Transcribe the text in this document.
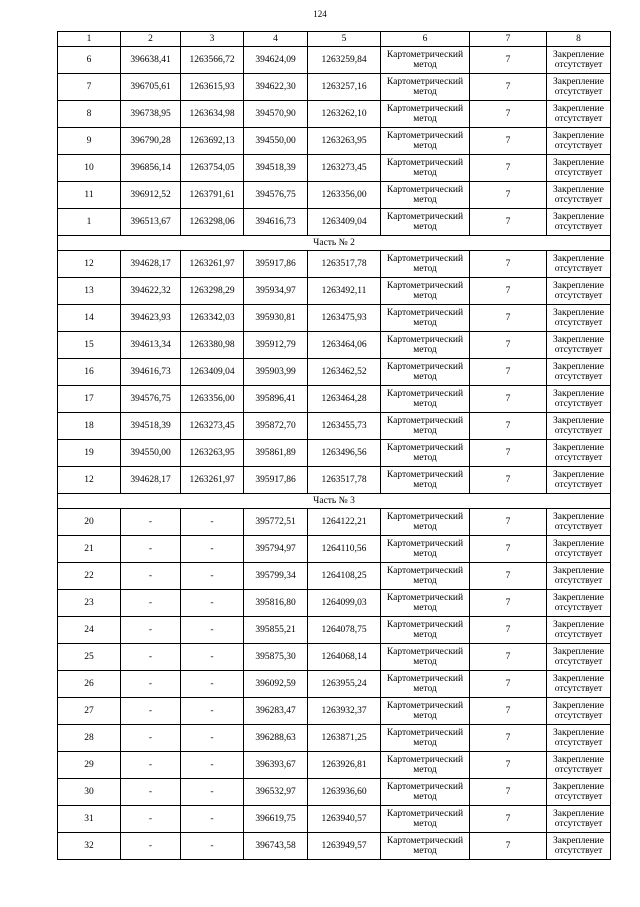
124
1	2	3	4	5	6	7	8
6	396638,41	1263566,72	394624,09	1263259,84	Картометрический метод	7	Закрепление отсутствует
7	396705,61	1263615,93	394622,30	1263257,16	Картометрический метод	7	Закрепление отсутствует
8	396738,95	1263634,98	394570,90	1263262,10	Картометрический метод	7	Закрепление отсутствует
9	396790,28	1263692,13	394550,00	1263263,95	Картометрический метод	7	Закрепление отсутствует
10	396856,14	1263754,05	394518,39	1263273,45	Картометрический метод	7	Закрепление отсутствует
11	396912,52	1263791,61	394576,75	1263356,00	Картометрический метод	7	Закрепление отсутствует
1	396513,67	1263298,06	394616,73	1263409,04	Картометрический метод	7	Закрепление отсутствует
Часть № 2							
12	394628,17	1263261,97	395917,86	1263517,78	Картометрический метод	7	Закрепление отсутствует
13	394622,32	1263298,29	395934,97	1263492,11	Картометрический метод	7	Закрепление отсутствует
14	394623,93	1263342,03	395930,81	1263475,93	Картометрический метод	7	Закрепление отсутствует
15	394613,34	1263380,98	395912,79	1263464,06	Картометрический метод	7	Закрепление отсутствует
16	394616,73	1263409,04	395903,99	1263462,52	Картометрический метод	7	Закрепление отсутствует
17	394576,75	1263356,00	395896,41	1263464,28	Картометрический метод	7	Закрепление отсутствует
18	394518,39	1263273,45	395872,70	1263455,73	Картометрический метод	7	Закрепление отсутствует
19	394550,00	1263263,95	395861,89	1263496,56	Картометрический метод	7	Закрепление отсутствует
12	394628,17	1263261,97	395917,86	1263517,78	Картометрический метод	7	Закрепление отсутствует
Часть № 3							
20	-	-	395772,51	1264122,21	Картометрический метод	7	Закрепление отсутствует
21	-	-	395794,97	1264110,56	Картометрический метод	7	Закрепление отсутствует
22	-	-	395799,34	1264108,25	Картометрический метод	7	Закрепление отсутствует
23	-	-	395816,80	1264099,03	Картометрический метод	7	Закрепление отсутствует
24	-	-	395855,21	1264078,75	Картометрический метод	7	Закрепление отсутствует
25	-	-	395875,30	1264068,14	Картометрический метод	7	Закрепление отсутствует
26	-	-	396092,59	1263955,24	Картометрический метод	7	Закрепление отсутствует
27	-	-	396283,47	1263932,37	Картометрический метод	7	Закрепление отсутствует
28	-	-	396288,63	1263871,25	Картометрический метод	7	Закрепление отсутствует
29	-	-	396393,67	1263926,81	Картометрический метод	7	Закрепление отсутствует
30	-	-	396532,97	1263936,60	Картометрический метод	7	Закрепление отсутствует
31	-	-	396619,75	1263940,57	Картометрический метод	7	Закрепление отсутствует
32	-	-	396743,58	1263949,57	Картометрический метод	7	Закрепление отсутствует
